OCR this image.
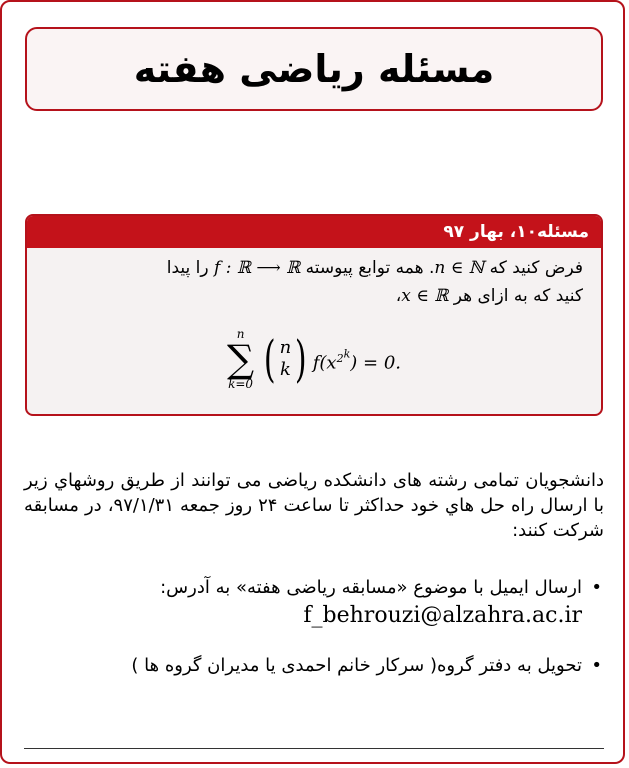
مسئله ریاضی هفته
مسئله۱۰، بهار ۹۷
فرض کنید که n ∈ ℕ. همه توابع پیوسته f : ℝ ⟶ ℝ را پیدا
کنید که به ازای هر x ∈ ℝ،
n
∑
k=0 ( n
k ) $f(x^{2^k}) = 0$.
دانشجویان تمامی رشته های دانشکده ریاضی می توانند از طریق روشهاي زیر با ارسال راه حل هاي خود حداکثر تا ساعت ۲۴ روز جمعه ۹۷/۱/۳۱، در مسابقه شرکت کنند:
•
ارسال ایمیل با موضوع «مسابقه ریاضی هفته» به آدرس:
f_behrouzi@alzahra.ac.ir
•
تحویل به دفتر گروه( سرکار خانم احمدی یا مدیران گروه ها )
